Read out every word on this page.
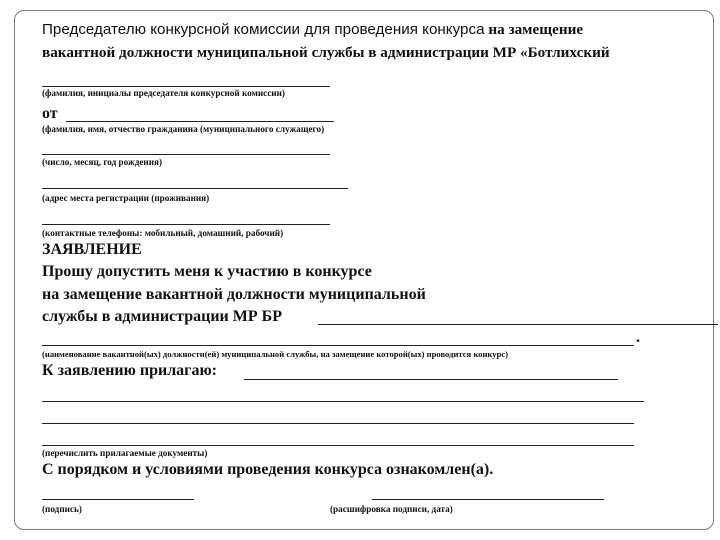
Председателю конкурсной комиссии для проведения конкурса на замещение
вакантной должности муниципальной службы в администрации МР «Ботлихский
(фамилия, инициалы председателя конкурсной комиссии)
от
(фамилия, имя, отчество гражданина (муниципального служащего)
(число, месяц, год рождения)
(адрес места регистрации (проживания)
(контактные телефоны: мобильный, домашний, рабочий)
ЗАЯВЛЕНИЕ
Прошу допустить меня к участию в конкурсе
на замещение вакантной должности муниципальной
службы в администрации МР БР
.
(наименование вакантной(ых) должности(ей) муниципальной службы, на замещение которой(ых) проводится конкурс)
К заявлению прилагаю:
(перечислить прилагаемые документы)
С порядком и условиями проведения конкурса ознакомлен(а).
(подпись)	(расшифровка подписи, дата)
